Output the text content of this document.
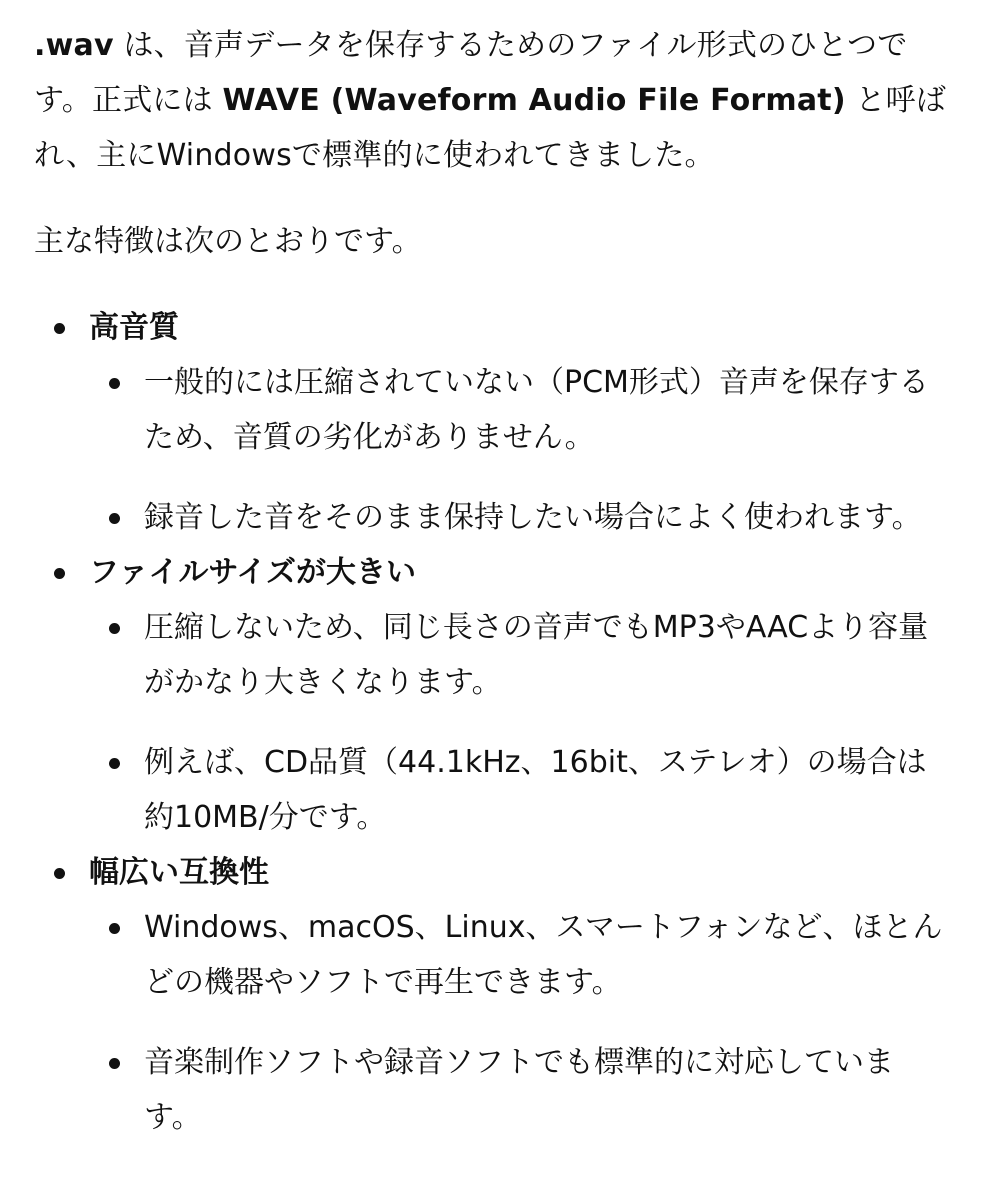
.wav は、音声データを保存するためのファイル形式のひとつです。正式には WAVE (Waveform Audio File Format) と呼ばれ、主にWindowsで標準的に使われてきました。

主な特徴は次のとおりです。

高音質
一般的には圧縮されていない（PCM形式）音声を保存するため、音質の劣化がありません。
録音した音をそのまま保持したい場合によく使われます。
ファイルサイズが大きい
圧縮しないため、同じ長さの音声でもMP3やAACより容量がかなり大きくなります。
例えば、CD品質（44.1kHz、16bit、ステレオ）の場合は約10MB/分です。
幅広い互換性
Windows、macOS、Linux、スマートフォンなど、ほとんどの機器やソフトで再生できます。
音楽制作ソフトや録音ソフトでも標準的に対応しています。
